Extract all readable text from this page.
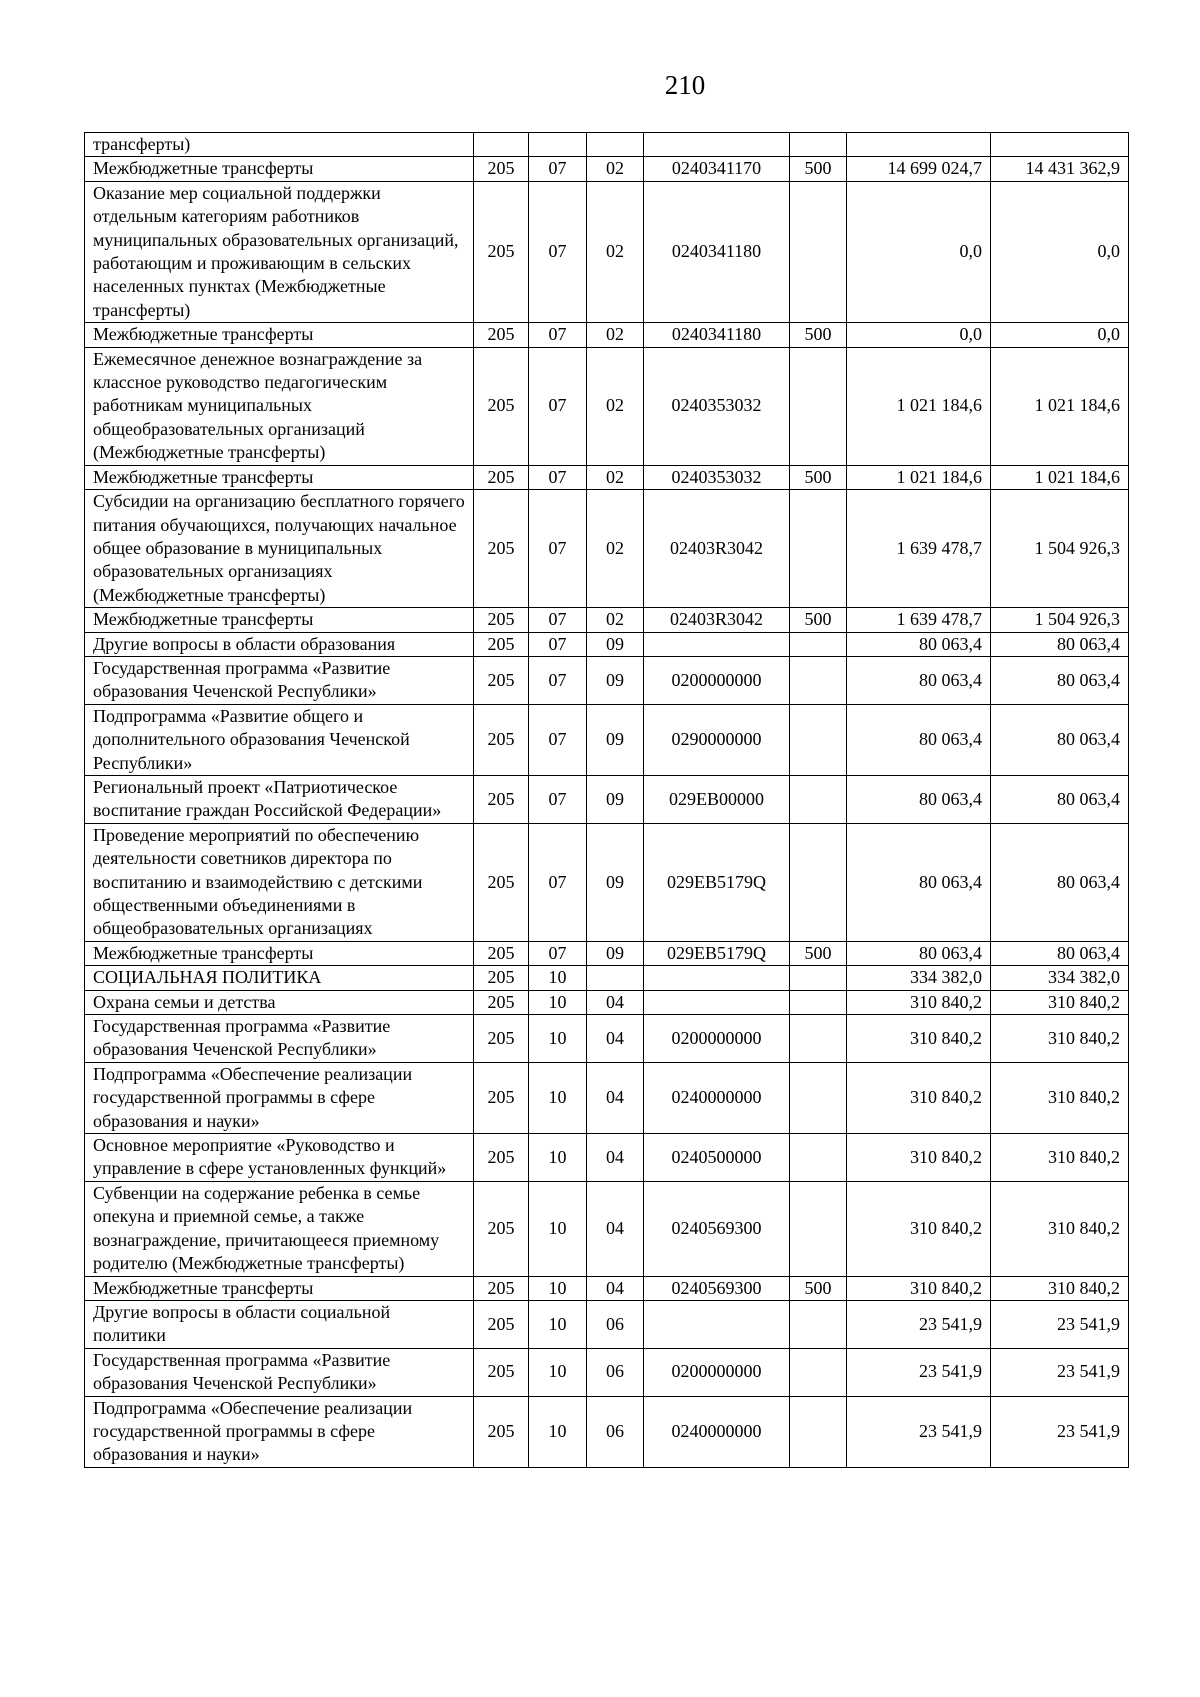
210
трансферты)							
Межбюджетные трансферты	205	07	02	0240341170	500	14 699 024,7	14 431 362,9
Оказание мер социальной поддержки отдельным категориям работников муниципальных образовательных организаций, работающим и проживающим в сельских населенных пунктах (Межбюджетные трансферты)	205	07	02	0240341180		0,0	0,0
Межбюджетные трансферты	205	07	02	0240341180	500	0,0	0,0
Ежемесячное денежное вознаграждение за классное руководство педагогическим работникам муниципальных общеобразовательных организаций (Межбюджетные трансферты)	205	07	02	0240353032		1 021 184,6	1 021 184,6
Межбюджетные трансферты	205	07	02	0240353032	500	1 021 184,6	1 021 184,6
Субсидии на организацию бесплатного горячего питания обучающихся, получающих начальное общее образование в муниципальных образовательных организациях (Межбюджетные трансферты)	205	07	02	02403R3042		1 639 478,7	1 504 926,3
Межбюджетные трансферты	205	07	02	02403R3042	500	1 639 478,7	1 504 926,3
Другие вопросы в области образования	205	07	09			80 063,4	80 063,4
Государственная программа «Развитие образования Чеченской Республики»	205	07	09	0200000000		80 063,4	80 063,4
Подпрограмма «Развитие общего и дополнительного образования Чеченской Республики»	205	07	09	0290000000		80 063,4	80 063,4
Региональный проект «Патриотическое воспитание граждан Российской Федерации»	205	07	09	029EB00000		80 063,4	80 063,4
Проведение мероприятий по обеспечению деятельности советников директора по воспитанию и взаимодействию с детскими общественными объединениями в общеобразовательных организациях	205	07	09	029EB5179Q		80 063,4	80 063,4
Межбюджетные трансферты	205	07	09	029EB5179Q	500	80 063,4	80 063,4
СОЦИАЛЬНАЯ ПОЛИТИКА	205	10				334 382,0	334 382,0
Охрана семьи и детства	205	10	04			310 840,2	310 840,2
Государственная программа «Развитие образования Чеченской Республики»	205	10	04	0200000000		310 840,2	310 840,2
Подпрограмма «Обеспечение реализации государственной программы в сфере образования и науки»	205	10	04	0240000000		310 840,2	310 840,2
Основное мероприятие «Руководство и управление в сфере установленных функций»	205	10	04	0240500000		310 840,2	310 840,2
Субвенции на содержание ребенка в семье опекуна и приемной семье, а также вознаграждение, причитающееся приемному родителю (Межбюджетные трансферты)	205	10	04	0240569300		310 840,2	310 840,2
Межбюджетные трансферты	205	10	04	0240569300	500	310 840,2	310 840,2
Другие вопросы в области социальной политики	205	10	06			23 541,9	23 541,9
Государственная программа «Развитие образования Чеченской Республики»	205	10	06	0200000000		23 541,9	23 541,9
Подпрограмма «Обеспечение реализации государственной программы в сфере образования и науки»	205	10	06	0240000000		23 541,9	23 541,9
